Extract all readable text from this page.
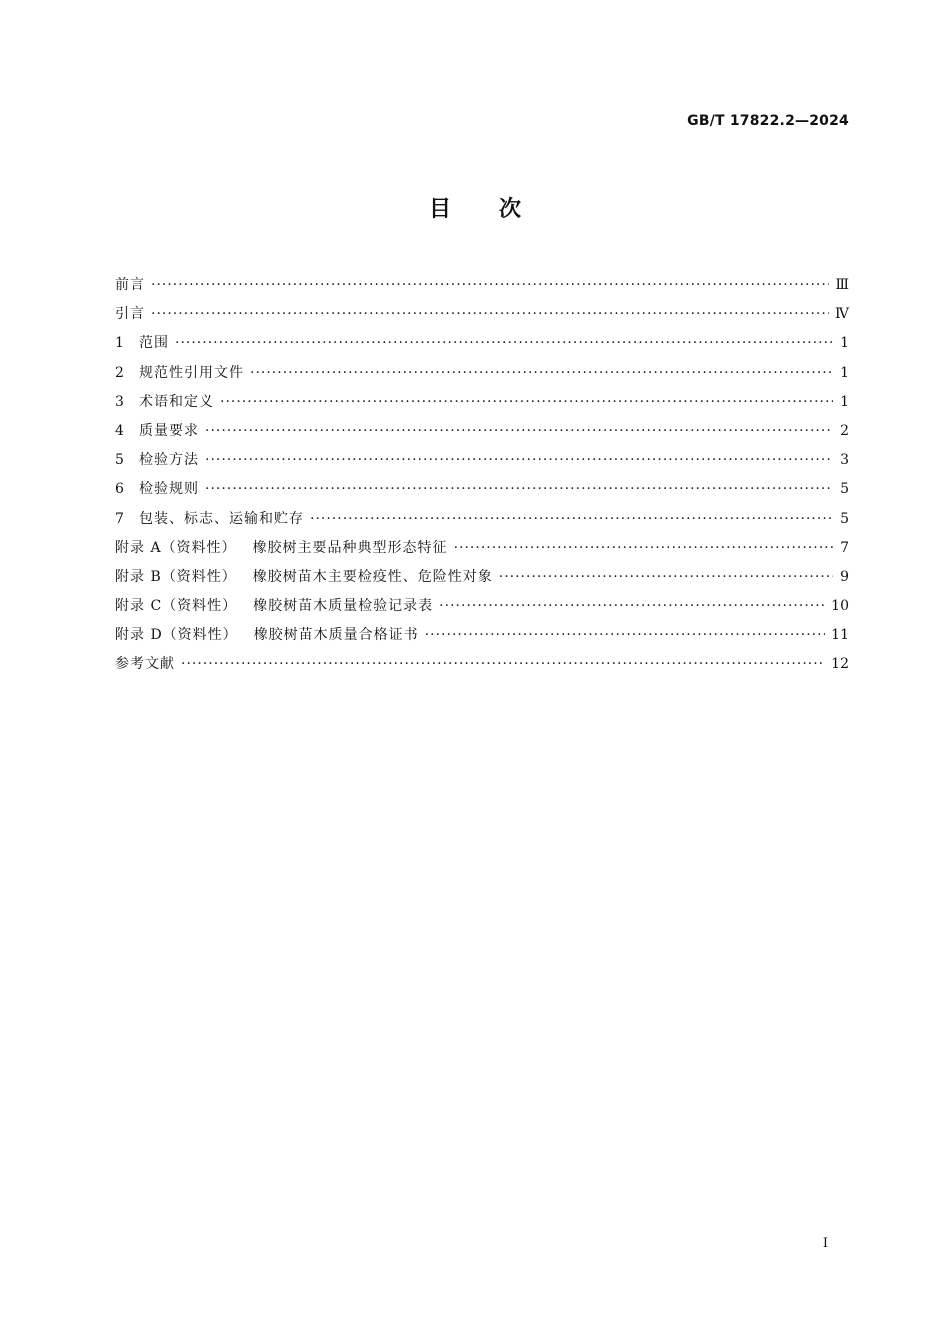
GB/T 17822.2—2024
目次
前言 ·····	Ⅲ
引言 ·····	Ⅳ
1 范围 ·····	1
2 规范性引用文件 ·····	1
3 术语和定义 ·····	1
4 质量要求 ·····	2
5 检验方法 ·····	3
6 检验规则 ·····	5
7 包装、标志、运输和贮存 ·····	5
附录 A（资料性） 橡胶树主要品种典型形态特征 ·····	7
附录 B（资料性） 橡胶树苗木主要检疫性、危险性对象 ·····	9
附录 C（资料性） 橡胶树苗木质量检验记录表 ·····	10
附录 D（资料性） 橡胶树苗木质量合格证书 ·····	11
参考文献 ·····	12
Ⅰ
